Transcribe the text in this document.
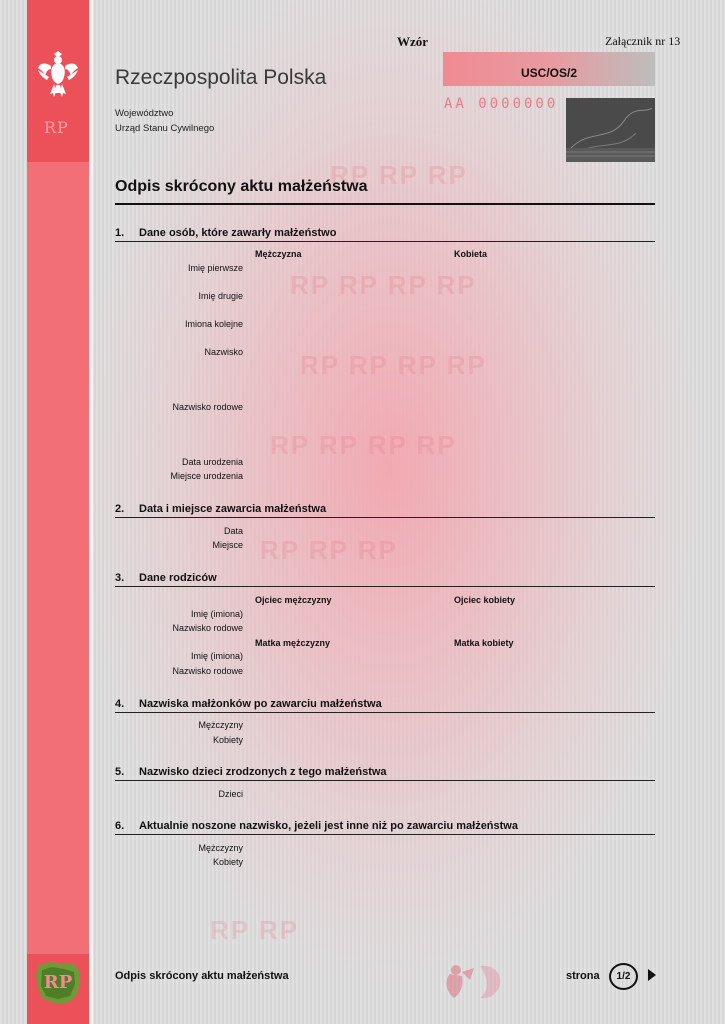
RP RP RP
RP RP RP RP
RP RP RP RP
RP RP RP RP
RP RP RP
RP RP
RP
RP
Wzór	Załącznik nr 13
USC/OS/2
AA 0000000
Rzeczpospolita Polska
Województwo
Urząd Stanu Cywilnego
Odpis skrócony aktu małżeństwa
1. Dane osób, które zawarły małżeństwo
Mężczyzna	Kobieta
Imię pierwsze
Imię drugie
Imiona kolejne
Nazwisko
Nazwisko rodowe
Data urodzenia
Miejsce urodzenia
2. Data i miejsce zawarcia małżeństwa
Data
Miejsce
3. Dane rodziców
Ojciec mężczyzny	Ojciec kobiety
Imię (imiona)
Nazwisko rodowe
Matka mężczyzny	Matka kobiety
Imię (imiona)
Nazwisko rodowe
4. Nazwiska małżonków po zawarciu małżeństwa
Mężczyzny
Kobiety
5. Nazwisko dzieci zrodzonych z tego małżeństwa
Dzieci
6. Aktualnie noszone nazwisko, jeżeli jest inne niż po zawarciu małżeństwa
Mężczyzny
Kobiety
Odpis skrócony aktu małżeństwa	strona	1/2
